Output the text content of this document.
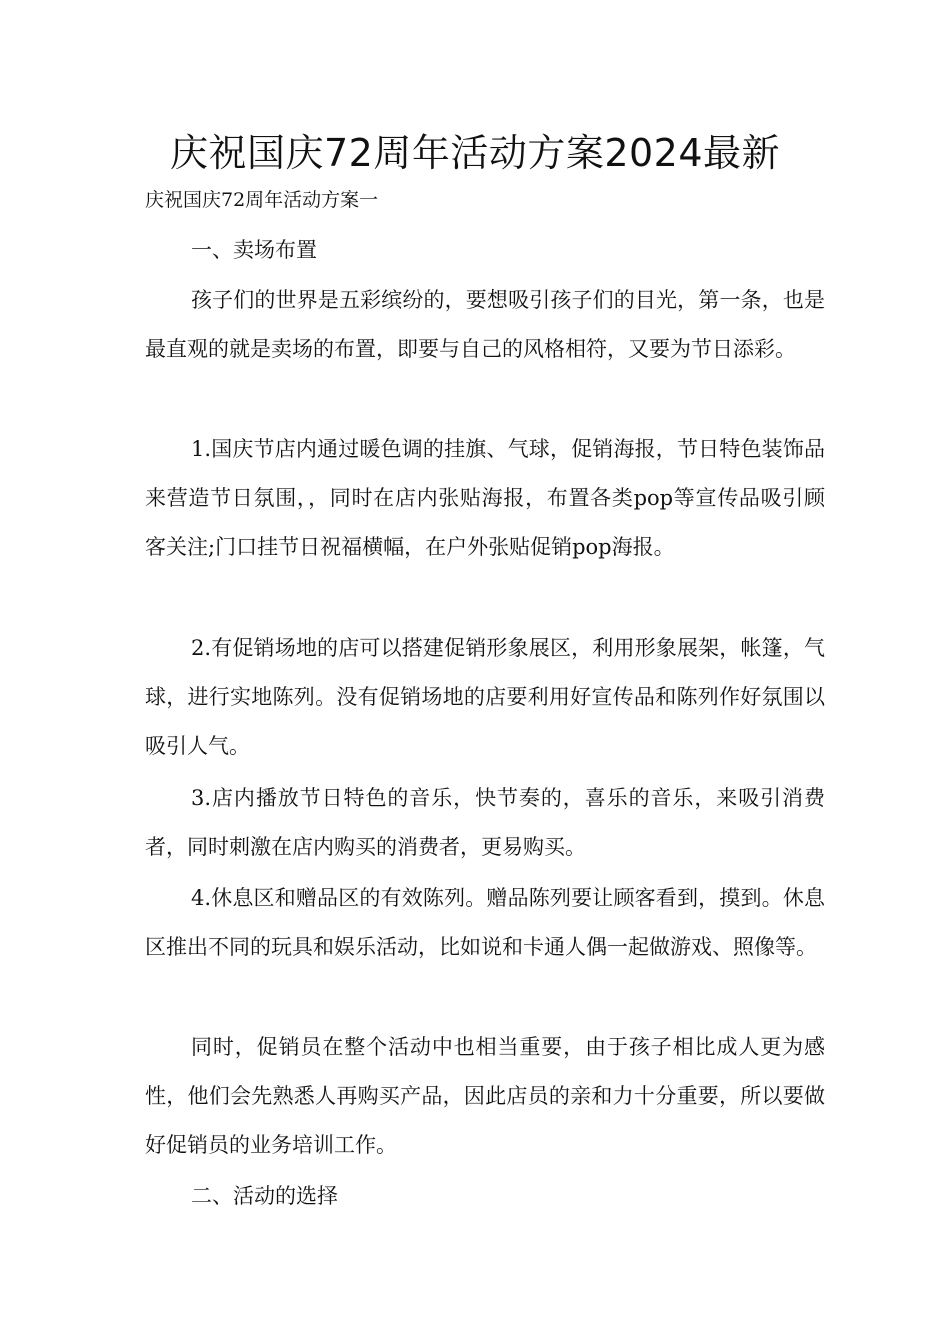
庆祝国庆72周年活动方案2024最新

庆祝国庆72周年活动方案一

一、卖场布置

孩子们的世界是五彩缤纷的，要想吸引孩子们的目光，第一条，也是最直观的就是卖场的布置，即要与自己的风格相符，又要为节日添彩。

1.国庆节店内通过暖色调的挂旗、气球，促销海报，节日特色装饰品来营造节日氛围，，同时在店内张贴海报，布置各类pop等宣传品吸引顾客关注;门口挂节日祝福横幅，在户外张贴促销pop海报。

2.有促销场地的店可以搭建促销形象展区，利用形象展架，帐篷，气球，进行实地陈列。没有促销场地的店要利用好宣传品和陈列作好氛围以吸引人气。

3.店内播放节日特色的音乐，快节奏的，喜乐的音乐，来吸引消费者，同时刺激在店内购买的消费者，更易购买。

4.休息区和赠品区的有效陈列。赠品陈列要让顾客看到，摸到。休息区推出不同的玩具和娱乐活动，比如说和卡通人偶一起做游戏、照像等。

同时，促销员在整个活动中也相当重要，由于孩子相比成人更为感性，他们会先熟悉人再购买产品，因此店员的亲和力十分重要，所以要做好促销员的业务培训工作。

二、活动的选择
